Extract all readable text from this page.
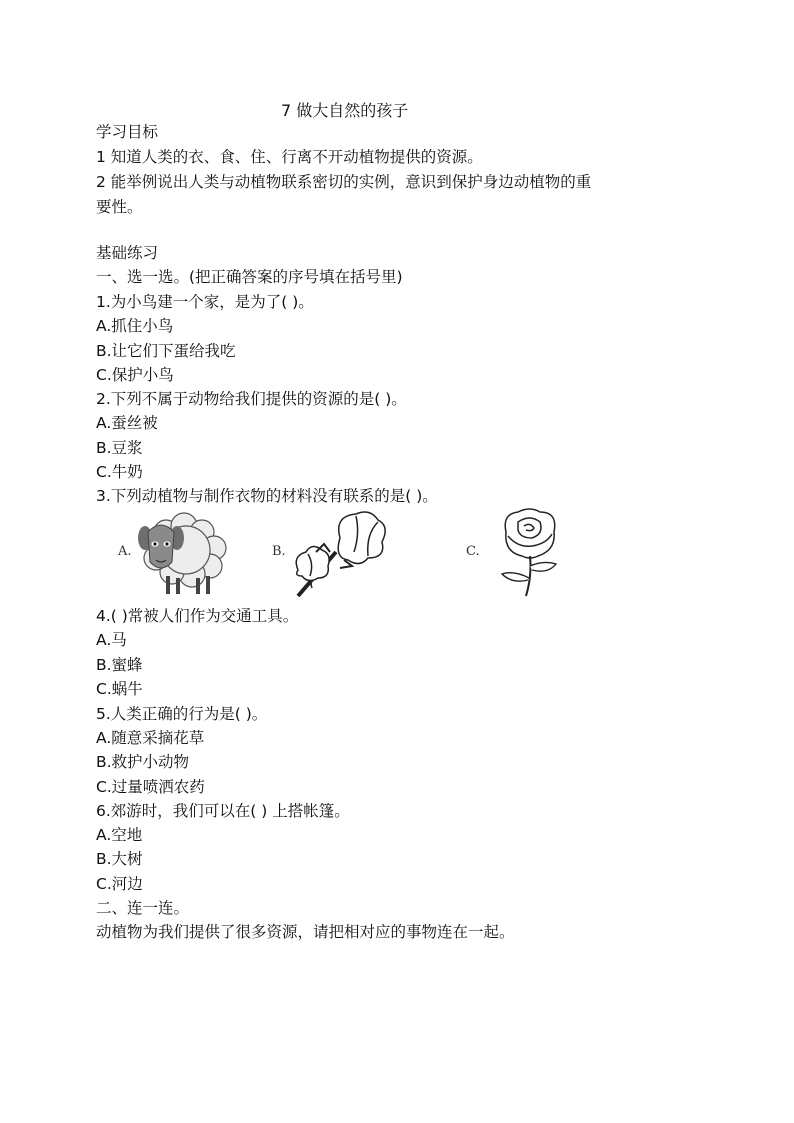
7 做大自然的孩子
学习目标
1 知道人类的衣、食、住、行离不开动植物提供的资源。
2 能举例说出人类与动植物联系密切的实例，意识到保护身边动植物的重
要性。
基础练习
一、选一选。(把正确答案的序号填在括号里)
1.为小鸟建一个家，是为了( )。
A.抓住小鸟
B.让它们下蛋给我吃
C.保护小鸟
2.下列不属于动物给我们提供的资源的是( )。
A.蚕丝被
B.豆浆
C.牛奶
3.下列动植物与制作衣物的材料没有联系的是( )。
A.	B.	C.
4.( )常被人们作为交通工具。
A.马
B.蜜蜂
C.蜗牛
5.人类正确的行为是( )。
A.随意采摘花草
B.救护小动物
C.过量喷洒农药
6.郊游时，我们可以在( ) 上搭帐篷。
A.空地
B.大树
C.河边
二、连一连。
动植物为我们提供了很多资源，请把相对应的事物连在一起。
